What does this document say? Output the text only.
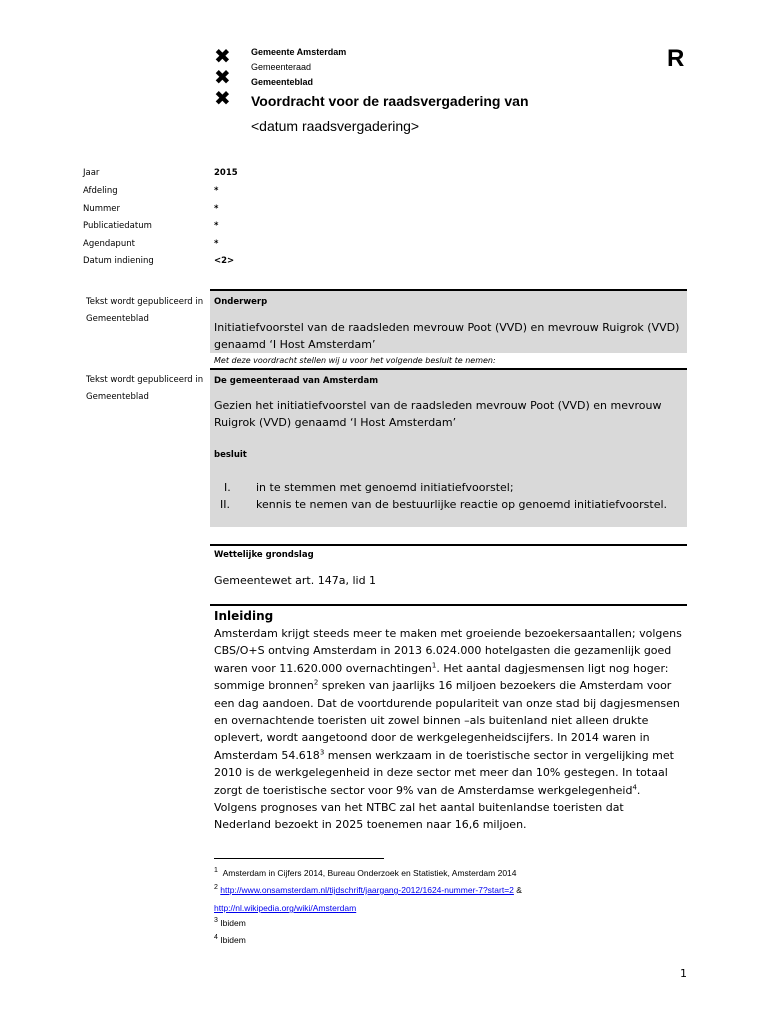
✖
✖
✖
Gemeente Amsterdam
Gemeenteraad
Gemeenteblad
R
Voordracht voor de raadsvergadering van
<datum raadsvergadering>
Jaar	2015
Afdeling	*
Nummer	*
Publicatiedatum	*
Agendapunt	*
Datum indiening	<2>
Tekst wordt gepubliceerd in
Gemeenteblad
Tekst wordt gepubliceerd in
Gemeenteblad
Onderwerp
Initiatiefvoorstel van de raadsleden mevrouw Poot (VVD) en mevrouw Ruigrok (VVD) genaamd ‘I Host Amsterdam’
Met deze voordracht stellen wij u voor het volgende besluit te nemen:
De gemeenteraad van Amsterdam
Gezien het initiatiefvoorstel van de raadsleden mevrouw Poot (VVD) en mevrouw Ruigrok (VVD) genaamd ‘I Host Amsterdam’
besluit
I. in te stemmen met genoemd initiatiefvoorstel;
II. kennis te nemen van de bestuurlijke reactie op genoemd initiatiefvoorstel.
Wettelijke grondslag
Gemeentewet art. 147a, lid 1
Inleiding
Amsterdam krijgt steeds meer te maken met groeiende bezoekersaantallen; volgens CBS/O+S ontving Amsterdam in 2013 6.024.000 hotelgasten die gezamenlijk goed waren voor 11.620.000 overnachtingen$^1$. Het aantal dagjesmensen ligt nog hoger: sommige bronnen$^2$ spreken van jaarlijks 16 miljoen bezoekers die Amsterdam voor een dag aandoen. Dat de voortdurende populariteit van onze stad bij dagjesmensen en overnachtende toeristen uit zowel binnen –als buitenland niet alleen drukte oplevert, wordt aangetoond door de werkgelegenheidscijfers. In 2014 waren in Amsterdam 54.618$^3$ mensen werkzaam in de toeristische sector in vergelijking met 2010 is de werkgelegenheid in deze sector met meer dan 10% gestegen. In totaal zorgt de toeristische sector voor 9% van de Amsterdamse werkgelegenheid$^4$. Volgens prognoses van het NTBC zal het aantal buitenlandse toeristen dat Nederland bezoekt in 2025 toenemen naar 16,6 miljoen.
$^1$ Amsterdam in Cijfers 2014, Bureau Onderzoek en Statistiek, Amsterdam 2014
$^2$ http://www.onsamsterdam.nl/tijdschrift/jaargang-2012/1624-nummer-7?start=2 &
http://nl.wikipedia.org/wiki/Amsterdam
$^3$ Ibidem
$^4$ Ibidem
1
